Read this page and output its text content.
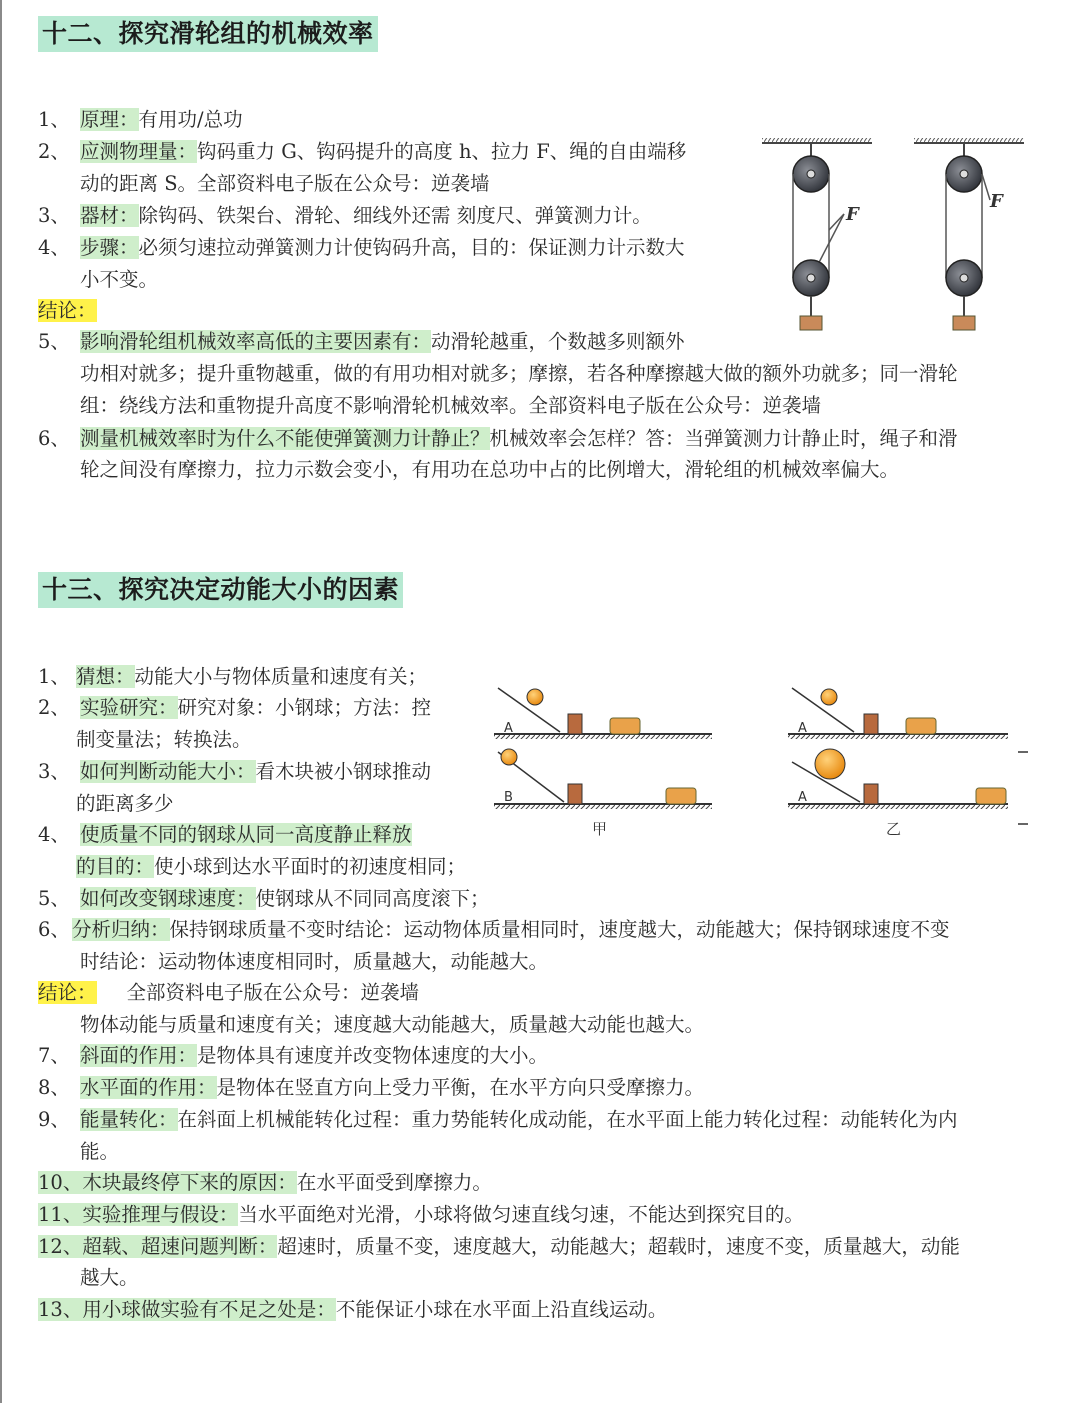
十二、探究滑轮组的机械效率
1、 原理：有用功/总功
2、 应测物理量：钩码重力 G、钩码提升的高度 h、拉力 F、绳的自由端移
动的距离 S。全部资料电子版在公众号：逆袭墙
3、 器材：除钩码、铁架台、滑轮、细线外还需 刻度尺、弹簧测力计。
4、 步骤：必须匀速拉动弹簧测力计使钩码升高，目的：保证测力计示数大
小不变。
结论：
5、 影响滑轮组机械效率高低的主要因素有：动滑轮越重，个数越多则额外
功相对就多；提升重物越重，做的有用功相对就多；摩擦，若各种摩擦越大做的额外功就多；同一滑轮
组：绕线方法和重物提升高度不影响滑轮机械效率。全部资料电子版在公众号：逆袭墙
6、 测量机械效率时为什么不能使弹簧测力计静止？机械效率会怎样？答：当弹簧测力计静止时，绳子和滑
轮之间没有摩擦力，拉力示数会变小，有用功在总功中占的比例增大，滑轮组的机械效率偏大。
F
F
十三、探究决定动能大小的因素
1、 猜想：动能大小与物体质量和速度有关；
2、 实验研究：研究对象：小钢球；方法：控
制变量法；转换法。
3、 如何判断动能大小：看木块被小钢球推动
的距离多少
4、 使质量不同的钢球从同一高度静止释放
的目的：使小球到达水平面时的初速度相同；
5、 如何改变钢球速度：使钢球从不同同高度滚下；
6、 分析归纳：保持钢球质量不变时结论：运动物体质量相同时，速度越大，动能越大；保持钢球速度不变
时结论：运动物体速度相同时，质量越大，动能越大。
结论： 全部资料电子版在公众号：逆袭墙
物体动能与质量和速度有关；速度越大动能越大，质量越大动能也越大。
7、 斜面的作用：是物体具有速度并改变物体速度的大小。
8、 水平面的作用：是物体在竖直方向上受力平衡，在水平方向只受摩擦力。
9、 能量转化：在斜面上机械能转化过程：重力势能转化成动能，在水平面上能力转化过程：动能转化为内
能。
10、木块最终停下来的原因：在水平面受到摩擦力。
11、实验推理与假设：当水平面绝对光滑，小球将做匀速直线匀速，不能达到探究目的。
12、超载、超速问题判断：超速时，质量不变，速度越大，动能越大；超载时，速度不变，质量越大，动能
越大。
13、用小球做实验有不足之处是：不能保证小球在水平面上沿直线运动。
A
B
甲
A
A
乙
